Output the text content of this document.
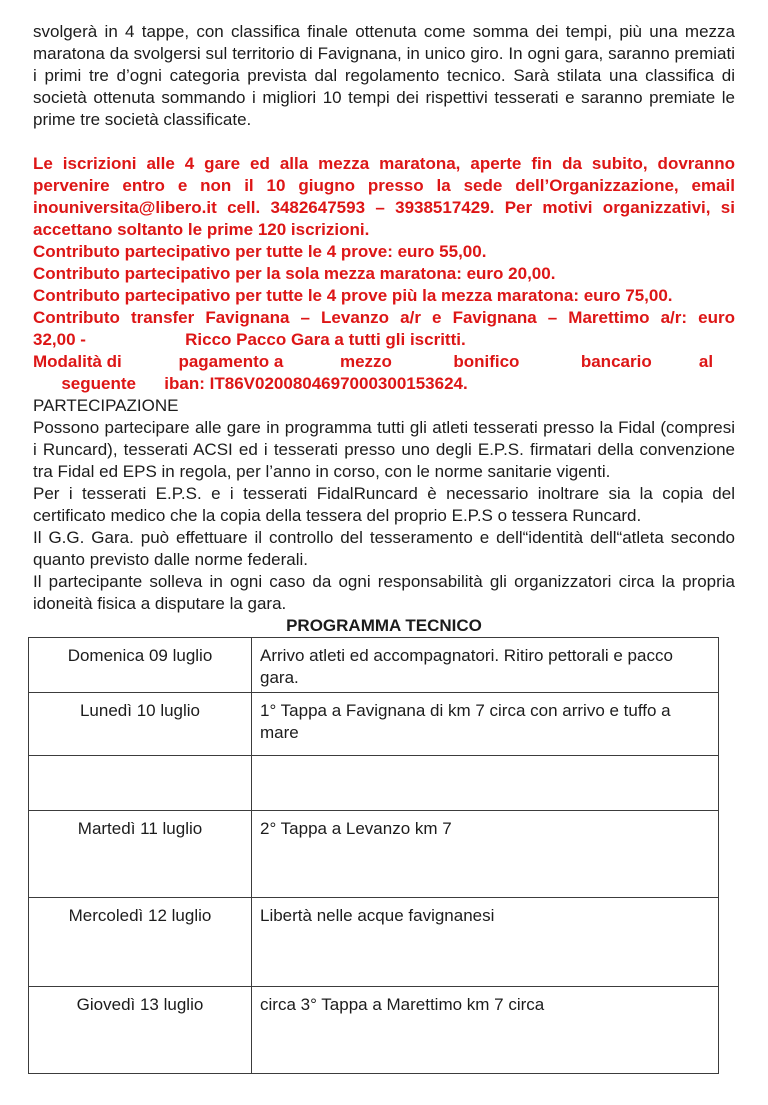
svolgerà in 4 tappe, con classifica finale ottenuta come somma dei tempi, più una mezza maratona da svolgersi sul territorio di Favignana, in unico giro. In ogni gara, saranno premiati i primi tre d’ogni categoria prevista dal regolamento tecnico. Sarà stilata una classifica di società ottenuta sommando i migliori 10 tempi dei rispettivi tesserati e saranno premiate le prime tre società classificate.

Le iscrizioni alle 4 gare ed alla mezza maratona, aperte fin da subito, dovranno pervenire entro e non il 10 giugno presso la sede dell’Organizzazione, email inouniversita@libero.it cell. 3482647593 – 3938517429. Per motivi organizzativi, si accettano soltanto le prime 120 iscrizioni.

Contributo partecipativo per tutte le 4 prove: euro 55,00.

Contributo partecipativo per la sola mezza maratona: euro 20,00.

Contributo partecipativo per tutte le 4 prove più la mezza maratona: euro 75,00.

Contributo transfer Favignana – Levanzo a/r e Favignana – Marettimo a/r: euro

32,00 -                     Ricco Pacco Gara a tutti gli iscritti.

Modalità di            pagamento a            mezzo             bonifico             bancario          al

seguente      iban: IT86V0200804697000300153624.

PARTECIPAZIONE

Possono partecipare alle gare in programma tutti gli atleti tesserati presso la Fidal (compresi i Runcard), tesserati ACSI ed i tesserati presso uno degli E.P.S. firmatari della convenzione tra Fidal ed EPS in regola, per l’anno in corso, con le norme sanitarie vigenti.

Per i tesserati E.P.S. e i tesserati FidalRuncard è necessario inoltrare sia la copia del certificato medico che la copia della tessera del proprio E.P.S o tessera Runcard.

Il G.G. Gara. può effettuare il controllo del tesseramento e dell“identità dell“atleta secondo quanto previsto dalle norme federali.

Il partecipante solleva in ogni caso da ogni responsabilità gli organizzatori circa la propria idoneità fisica a disputare la gara.

PROGRAMMA TECNICO
Domenica 09 luglio	Arrivo atleti ed accompagnatori. Ritiro pettorali e pacco gara.
Lunedì 10 luglio	1° Tappa a Favignana di km 7 circa con arrivo e tuffo a mare

Martedì 11 luglio	2° Tappa a Levanzo km 7
Mercoledì 12 luglio	Libertà nelle acque favignanesi
Giovedì 13 luglio	circa 3° Tappa a Marettimo km 7 circa
